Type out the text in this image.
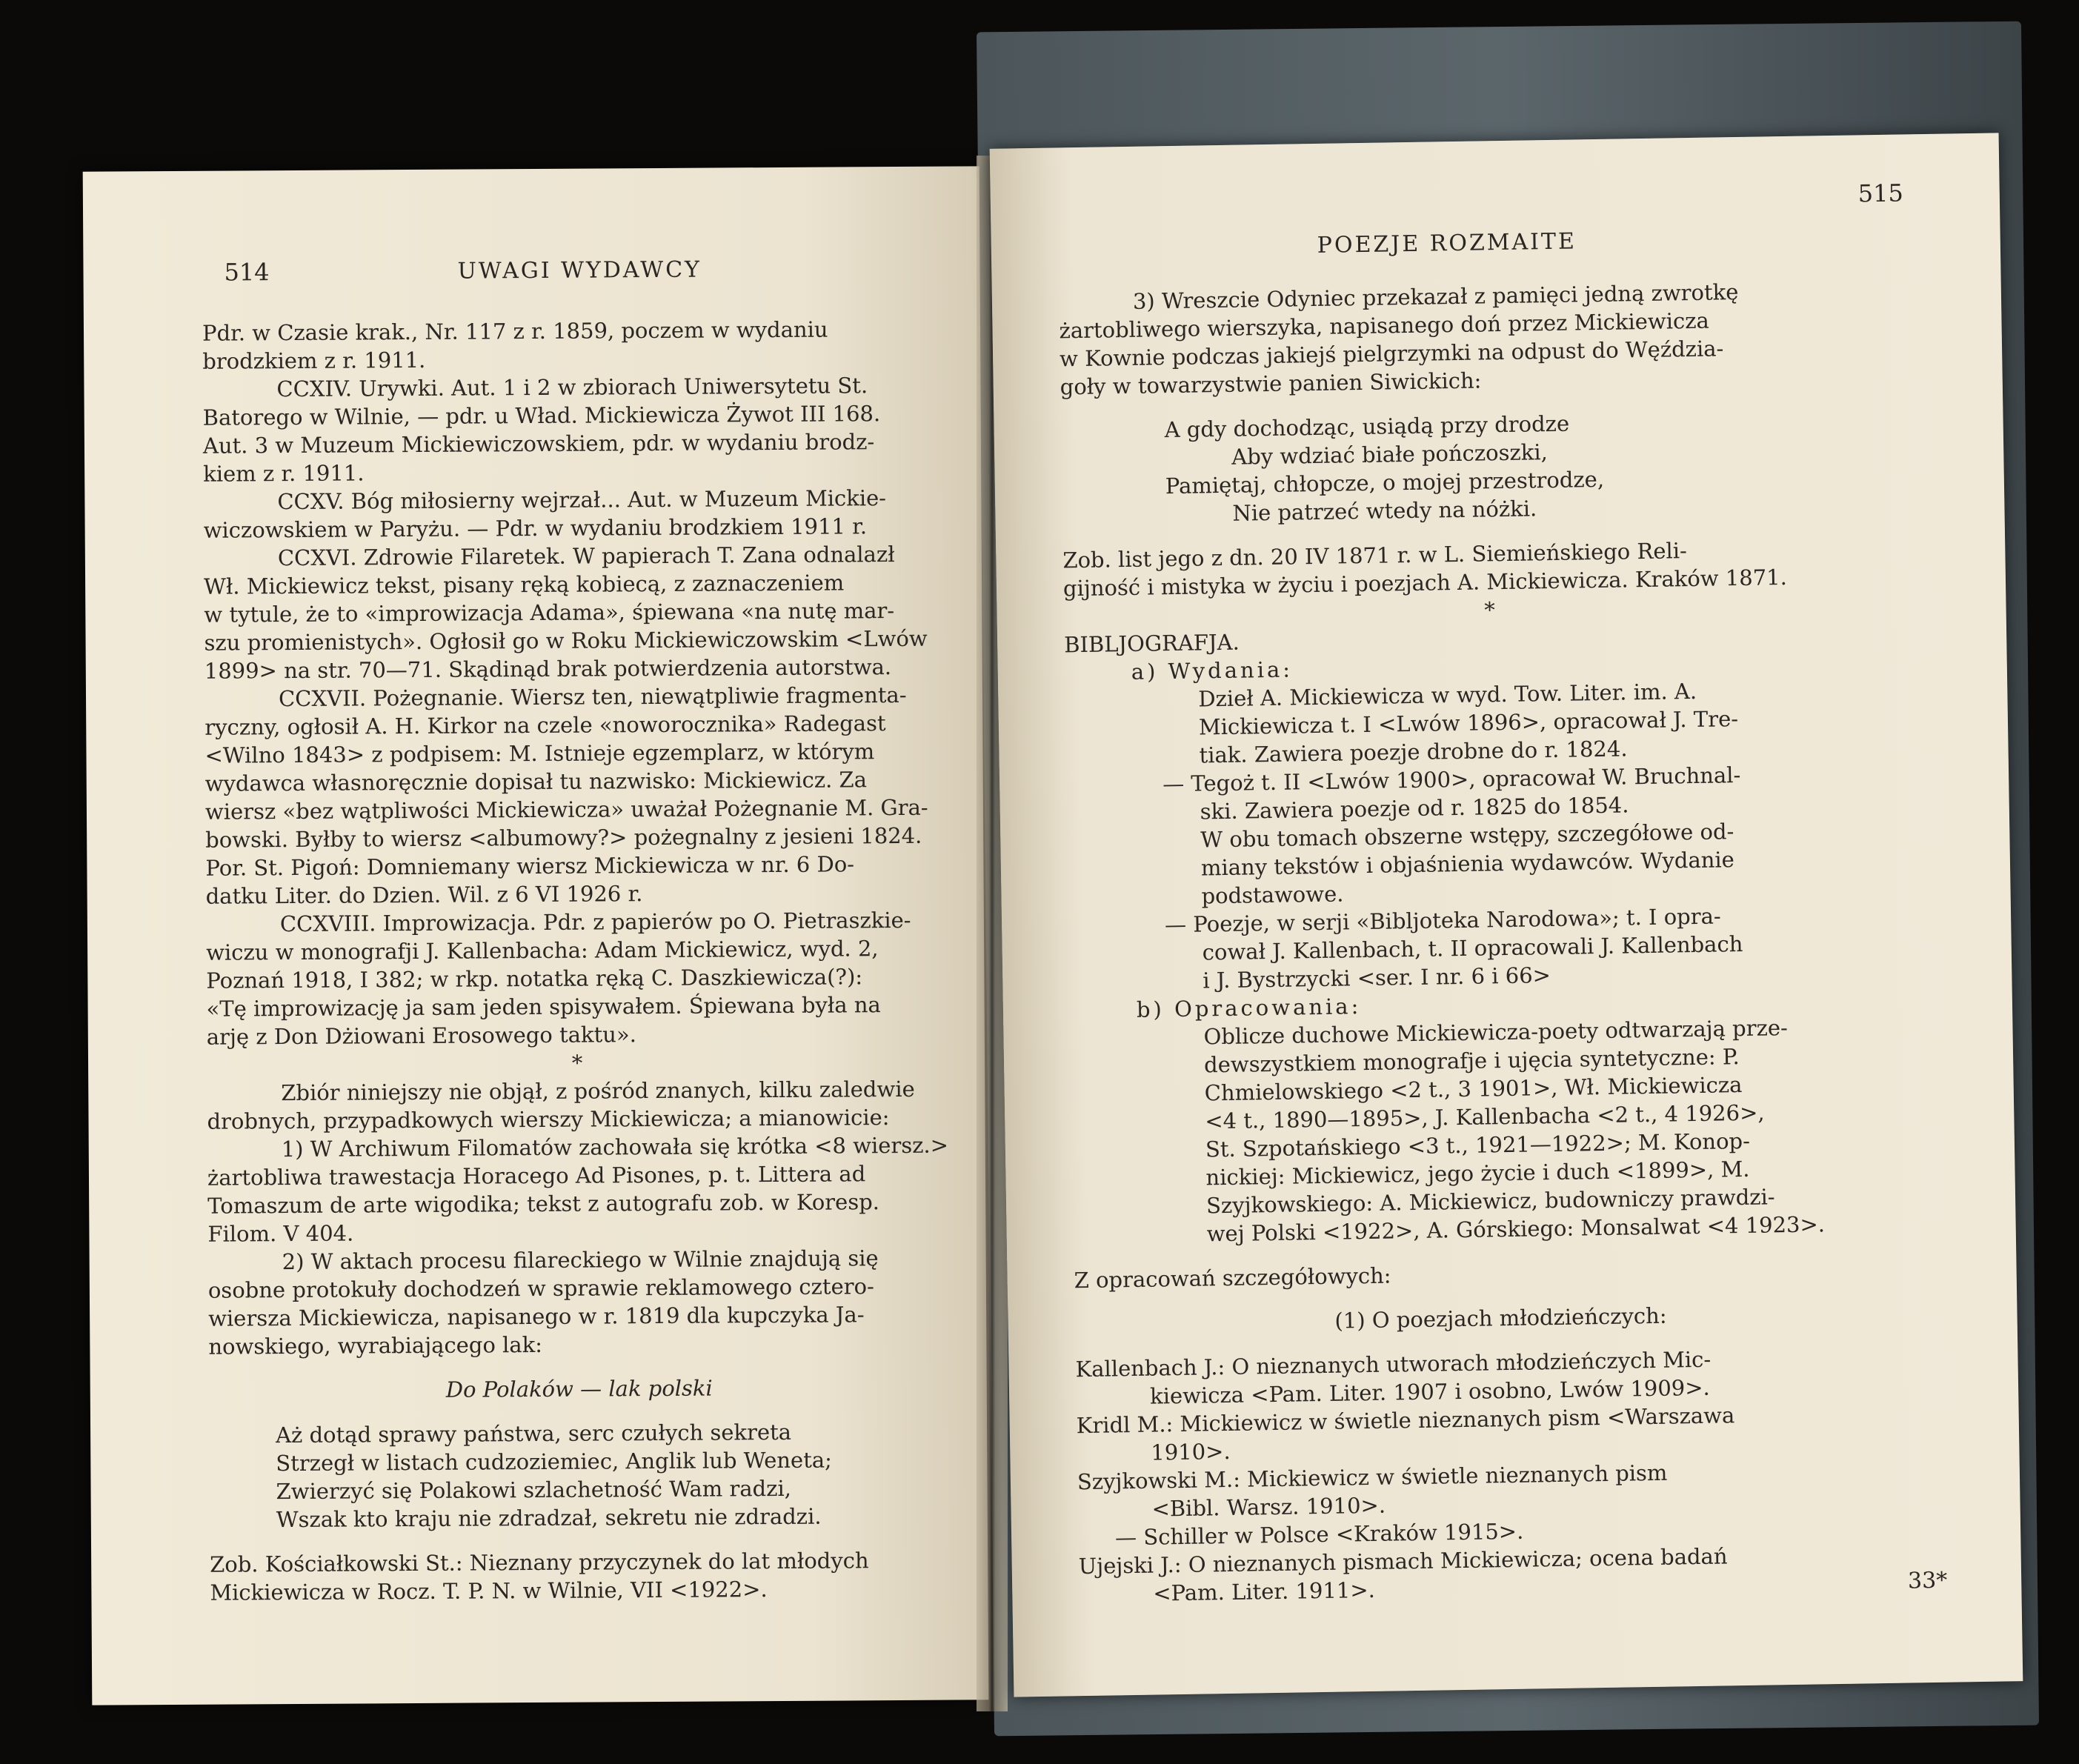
514	UWAGI WYDAWCY
Pdr. w Czasie krak., Nr. 117 z r. 1859, poczem w wydaniu
brodzkiem z r. 1911.
CCXIV. Urywki. Aut. 1 i 2 w zbiorach Uniwersytetu St.
Batorego w Wilnie, — pdr. u Wład. Mickiewicza Żywot III 168.
Aut. 3 w Muzeum Mickiewiczowskiem, pdr. w wydaniu brodz-
kiem z r. 1911.
CCXV. Bóg miłosierny wejrzał... Aut. w Muzeum Mickie-
wiczowskiem w Paryżu. — Pdr. w wydaniu brodzkiem 1911 r.
CCXVI. Zdrowie Filaretek. W papierach T. Zana odnalazł
Wł. Mickiewicz tekst, pisany ręką kobiecą, z zaznaczeniem
w tytule, że to «improwizacja Adama», śpiewana «na nutę mar-
szu promienistych». Ogłosił go w Roku Mickiewiczowskim <Lwów
1899> na str. 70—71. Skądinąd brak potwierdzenia autorstwa.
CCXVII. Pożegnanie. Wiersz ten, niewątpliwie fragmenta-
ryczny, ogłosił A. H. Kirkor na czele «noworocznika» Radegast
<Wilno 1843> z podpisem: M. Istnieje egzemplarz, w którym
wydawca własnoręcznie dopisał tu nazwisko: Mickiewicz. Za
wiersz «bez wątpliwości Mickiewicza» uważał Pożegnanie M. Gra-
bowski. Byłby to wiersz <albumowy?> pożegnalny z jesieni 1824.
Por. St. Pigoń: Domniemany wiersz Mickiewicza w nr. 6 Do-
datku Liter. do Dzien. Wil. z 6 VI 1926 r.
CCXVIII. Improwizacja. Pdr. z papierów po O. Pietraszkie-
wiczu w monografji J. Kallenbacha: Adam Mickiewicz, wyd. 2,
Poznań 1918, I 382; w rkp. notatka ręką C. Daszkiewicza(?):
«Tę improwizację ja sam jeden spisywałem. Śpiewana była na
arję z Don Dżiowani Erosowego taktu».
*
Zbiór niniejszy nie objął, z pośród znanych, kilku zaledwie
drobnych, przypadkowych wierszy Mickiewicza; a mianowicie:
1) W Archiwum Filomatów zachowała się krótka <8 wiersz.>
żartobliwa trawestacja Horacego Ad Pisones, p. t. Littera ad
Tomaszum de arte wigodika; tekst z autografu zob. w Koresp.
Filom. V 404.
2) W aktach procesu filareckiego w Wilnie znajdują się
osobne protokuły dochodzeń w sprawie reklamowego cztero-
wiersza Mickiewicza, napisanego w r. 1819 dla kupczyka Ja-
nowskiego, wyrabiającego lak:
Do Polaków — lak polski
Aż dotąd sprawy państwa, serc czułych sekreta
Strzegł w listach cudzoziemiec, Anglik lub Weneta;
Zwierzyć się Polakowi szlachetność Wam radzi,
Wszak kto kraju nie zdradzał, sekretu nie zdradzi.
Zob. Kościałkowski St.: Nieznany przyczynek do lat młodych
Mickiewicza w Rocz. T. P. N. w Wilnie, VII <1922>.
POEZJE ROZMAITE
515
3) Wreszcie Odyniec przekazał z pamięci jedną zwrotkę
żartobliwego wierszyka, napisanego doń przez Mickiewicza
w Kownie podczas jakiejś pielgrzymki na odpust do Węździa-
goły w towarzystwie panien Siwickich:
A gdy dochodząc, usiądą przy drodze
Aby wdziać białe pończoszki,
Pamiętaj, chłopcze, o mojej przestrodze,
Nie patrzeć wtedy na nóżki.
Zob. list jego z dn. 20 IV 1871 r. w L. Siemieńskiego Reli-
gijność i mistyka w życiu i poezjach A. Mickiewicza. Kraków 1871.
*
BIBLJOGRAFJA.
a) Wydania:
Dzieł A. Mickiewicza w wyd. Tow. Liter. im. A.
Mickiewicza t. I <Lwów 1896>, opracował J. Tre-
tiak. Zawiera poezje drobne do r. 1824.
— Tegoż t. II <Lwów 1900>, opracował W. Bruchnal-
ski. Zawiera poezje od r. 1825 do 1854.
W obu tomach obszerne wstępy, szczegółowe od-
miany tekstów i objaśnienia wydawców. Wydanie
podstawowe.
— Poezje, w serji «Bibljoteka Narodowa»; t. I opra-
cował J. Kallenbach, t. II opracowali J. Kallenbach
i J. Bystrzycki <ser. I nr. 6 i 66>
b) Opracowania:
Oblicze duchowe Mickiewicza-poety odtwarzają prze-
dewszystkiem monografje i ujęcia syntetyczne: P.
Chmielowskiego <2 t., 3 1901>, Wł. Mickiewicza
<4 t., 1890—1895>, J. Kallenbacha <2 t., 4 1926>,
St. Szpotańskiego <3 t., 1921—1922>; M. Konop-
nickiej: Mickiewicz, jego życie i duch <1899>, M.
Szyjkowskiego: A. Mickiewicz, budowniczy prawdzi-
wej Polski <1922>, A. Górskiego: Monsalwat <4 1923>.
Z opracowań szczegółowych:
(1) O poezjach młodzieńczych:
Kallenbach J.: O nieznanych utworach młodzieńczych Mic-
kiewicza <Pam. Liter. 1907 i osobno, Lwów 1909>.
Kridl M.: Mickiewicz w świetle nieznanych pism <Warszawa
1910>.
Szyjkowski M.: Mickiewicz w świetle nieznanych pism
<Bibl. Warsz. 1910>.
— Schiller w Polsce <Kraków 1915>.
Ujejski J.: O nieznanych pismach Mickiewicza; ocena badań
<Pam. Liter. 1911>.	33*
